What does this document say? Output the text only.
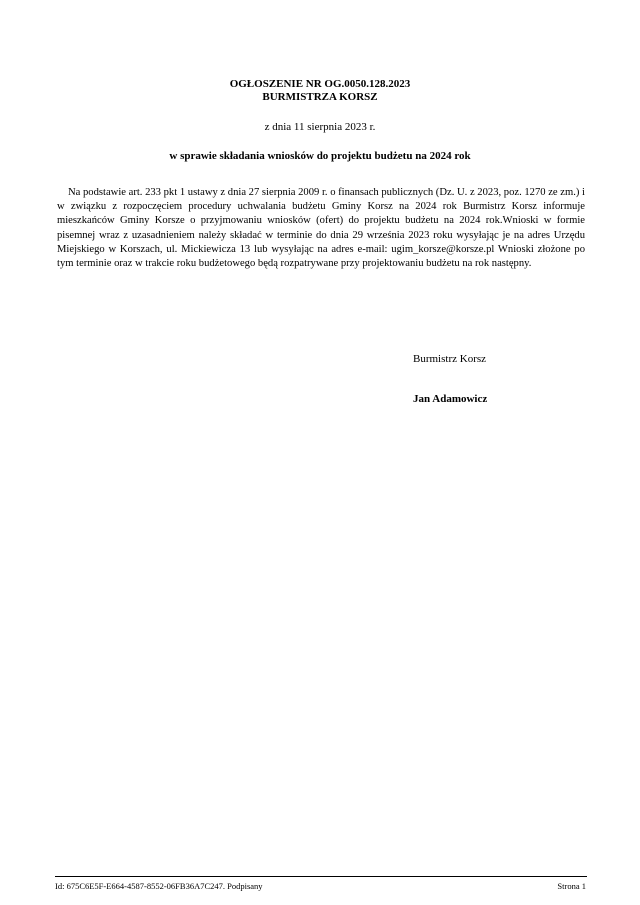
OGŁOSZENIE NR OG.0050.128.2023
BURMISTRZA KORSZ
z dnia 11 sierpnia 2023 r.
w sprawie składania wniosków do projektu budżetu na 2024 rok

Na podstawie art. 233 pkt 1 ustawy z dnia 27 sierpnia 2009 r. o finansach publicznych (Dz. U. z 2023, poz. 1270 ze zm.) i w związku z rozpoczęciem procedury uchwalania budżetu Gminy Korsz na 2024 rok Burmistrz Korsz informuje mieszkańców Gminy Korsze o przyjmowaniu wniosków (ofert) do projektu budżetu na 2024 rok.Wnioski w formie pisemnej wraz z uzasadnieniem należy składać w terminie do dnia 29 września 2023 roku wysyłając je na adres Urzędu Miejskiego w Korszach, ul. Mickiewicza 13 lub wysyłając na adres e-mail: ugim_korsze@korsze.pl Wnioski złożone po tym terminie oraz w trakcie roku budżetowego będą rozpatrywane przy projektowaniu budżetu na rok następny.

Burmistrz Korsz
Jan Adamowicz
Id: 675C6E5F-E664-4587-8552-06FB36A7C247. Podpisany	Strona 1
